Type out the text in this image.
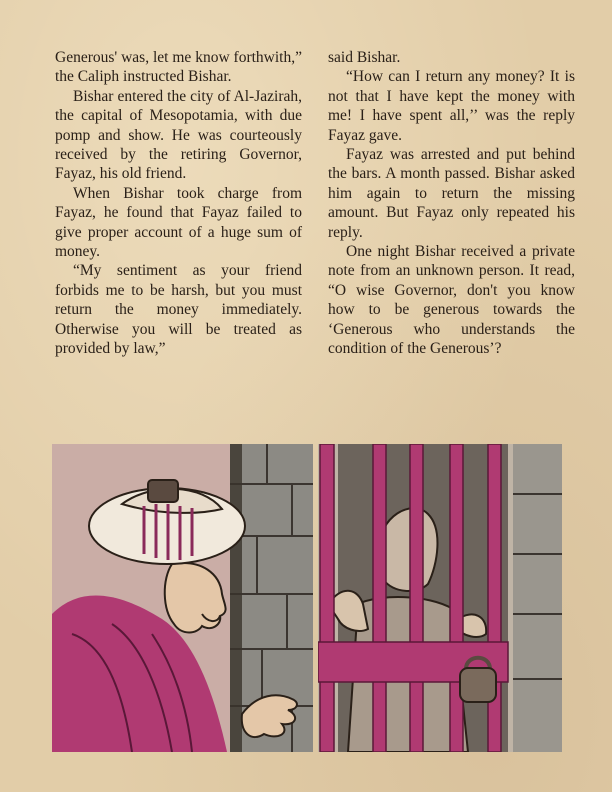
Generous' was, let me know forthwith,” the Caliph instructed Bishar.

Bishar entered the city of Al-Jazirah, the capital of Mesopotamia, with due pomp and show. He was courteously received by the retiring Governor, Fayaz, his old friend.

When Bishar took charge from Fayaz, he found that Fayaz failed to give proper account of a huge sum of money.

“My sentiment as your friend forbids me to be harsh, but you must return the money immediately. Otherwise you will be treated as provided by law,”

said Bishar.

“How can I return any money? It is not that I have kept the money with me! I have spent all,’’ was the reply Fayaz gave.

Fayaz was arrested and put behind the bars. A month passed. Bishar asked him again to return the missing amount. But Fayaz only repeated his reply.

One night Bishar received a private note from an unknown person. It read, “O wise Governor, don't you know how to be generous towards the ‘Generous who understands the condition of the Generous’?
